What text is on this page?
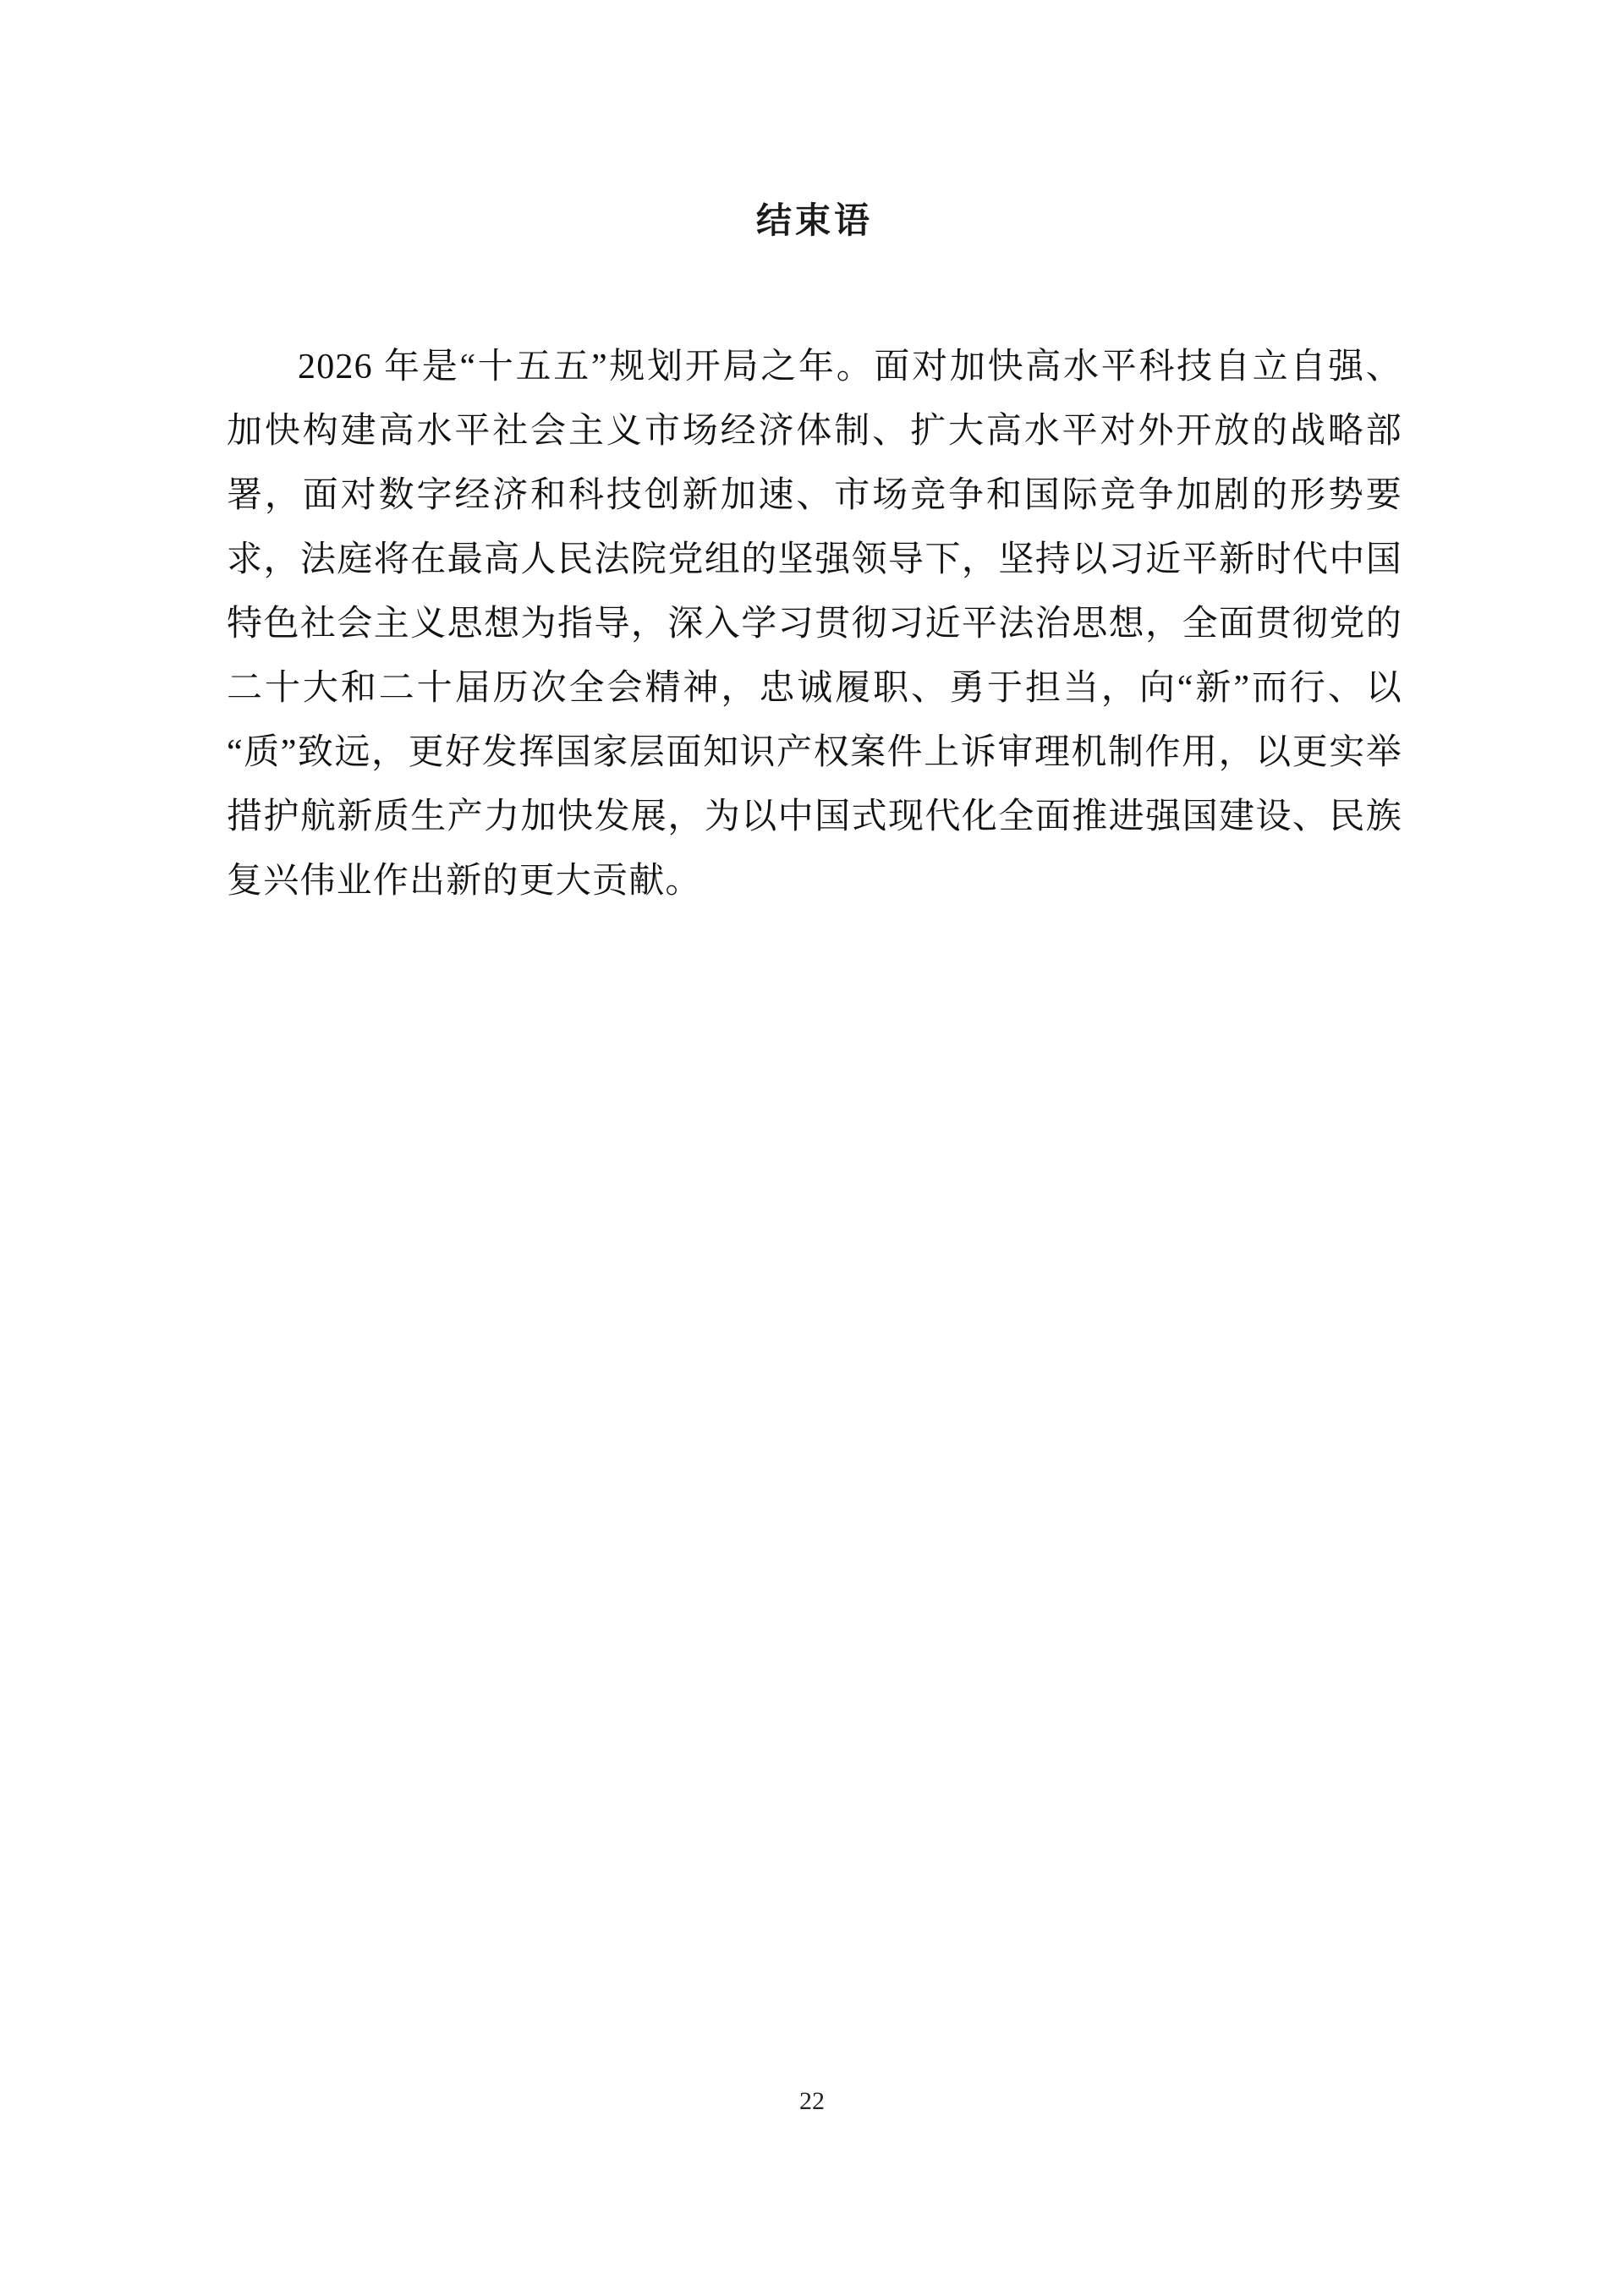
结束语

2026 年是“十五五”规划开局之年。面对加快高水平科技自立自强、加快构建高水平社会主义市场经济体制、扩大高水平对外开放的战略部署，面对数字经济和科技创新加速、市场竞争和国际竞争加剧的形势要求，法庭将在最高人民法院党组的坚强领导下，坚持以习近平新时代中国特色社会主义思想为指导，深入学习贯彻习近平法治思想，全面贯彻党的二十大和二十届历次全会精神，忠诚履职、勇于担当，向“新”而行、以“质”致远，更好发挥国家层面知识产权案件上诉审理机制作用，以更实举措护航新质生产力加快发展，为以中国式现代化全面推进强国建设、民族复兴伟业作出新的更大贡献。

22
